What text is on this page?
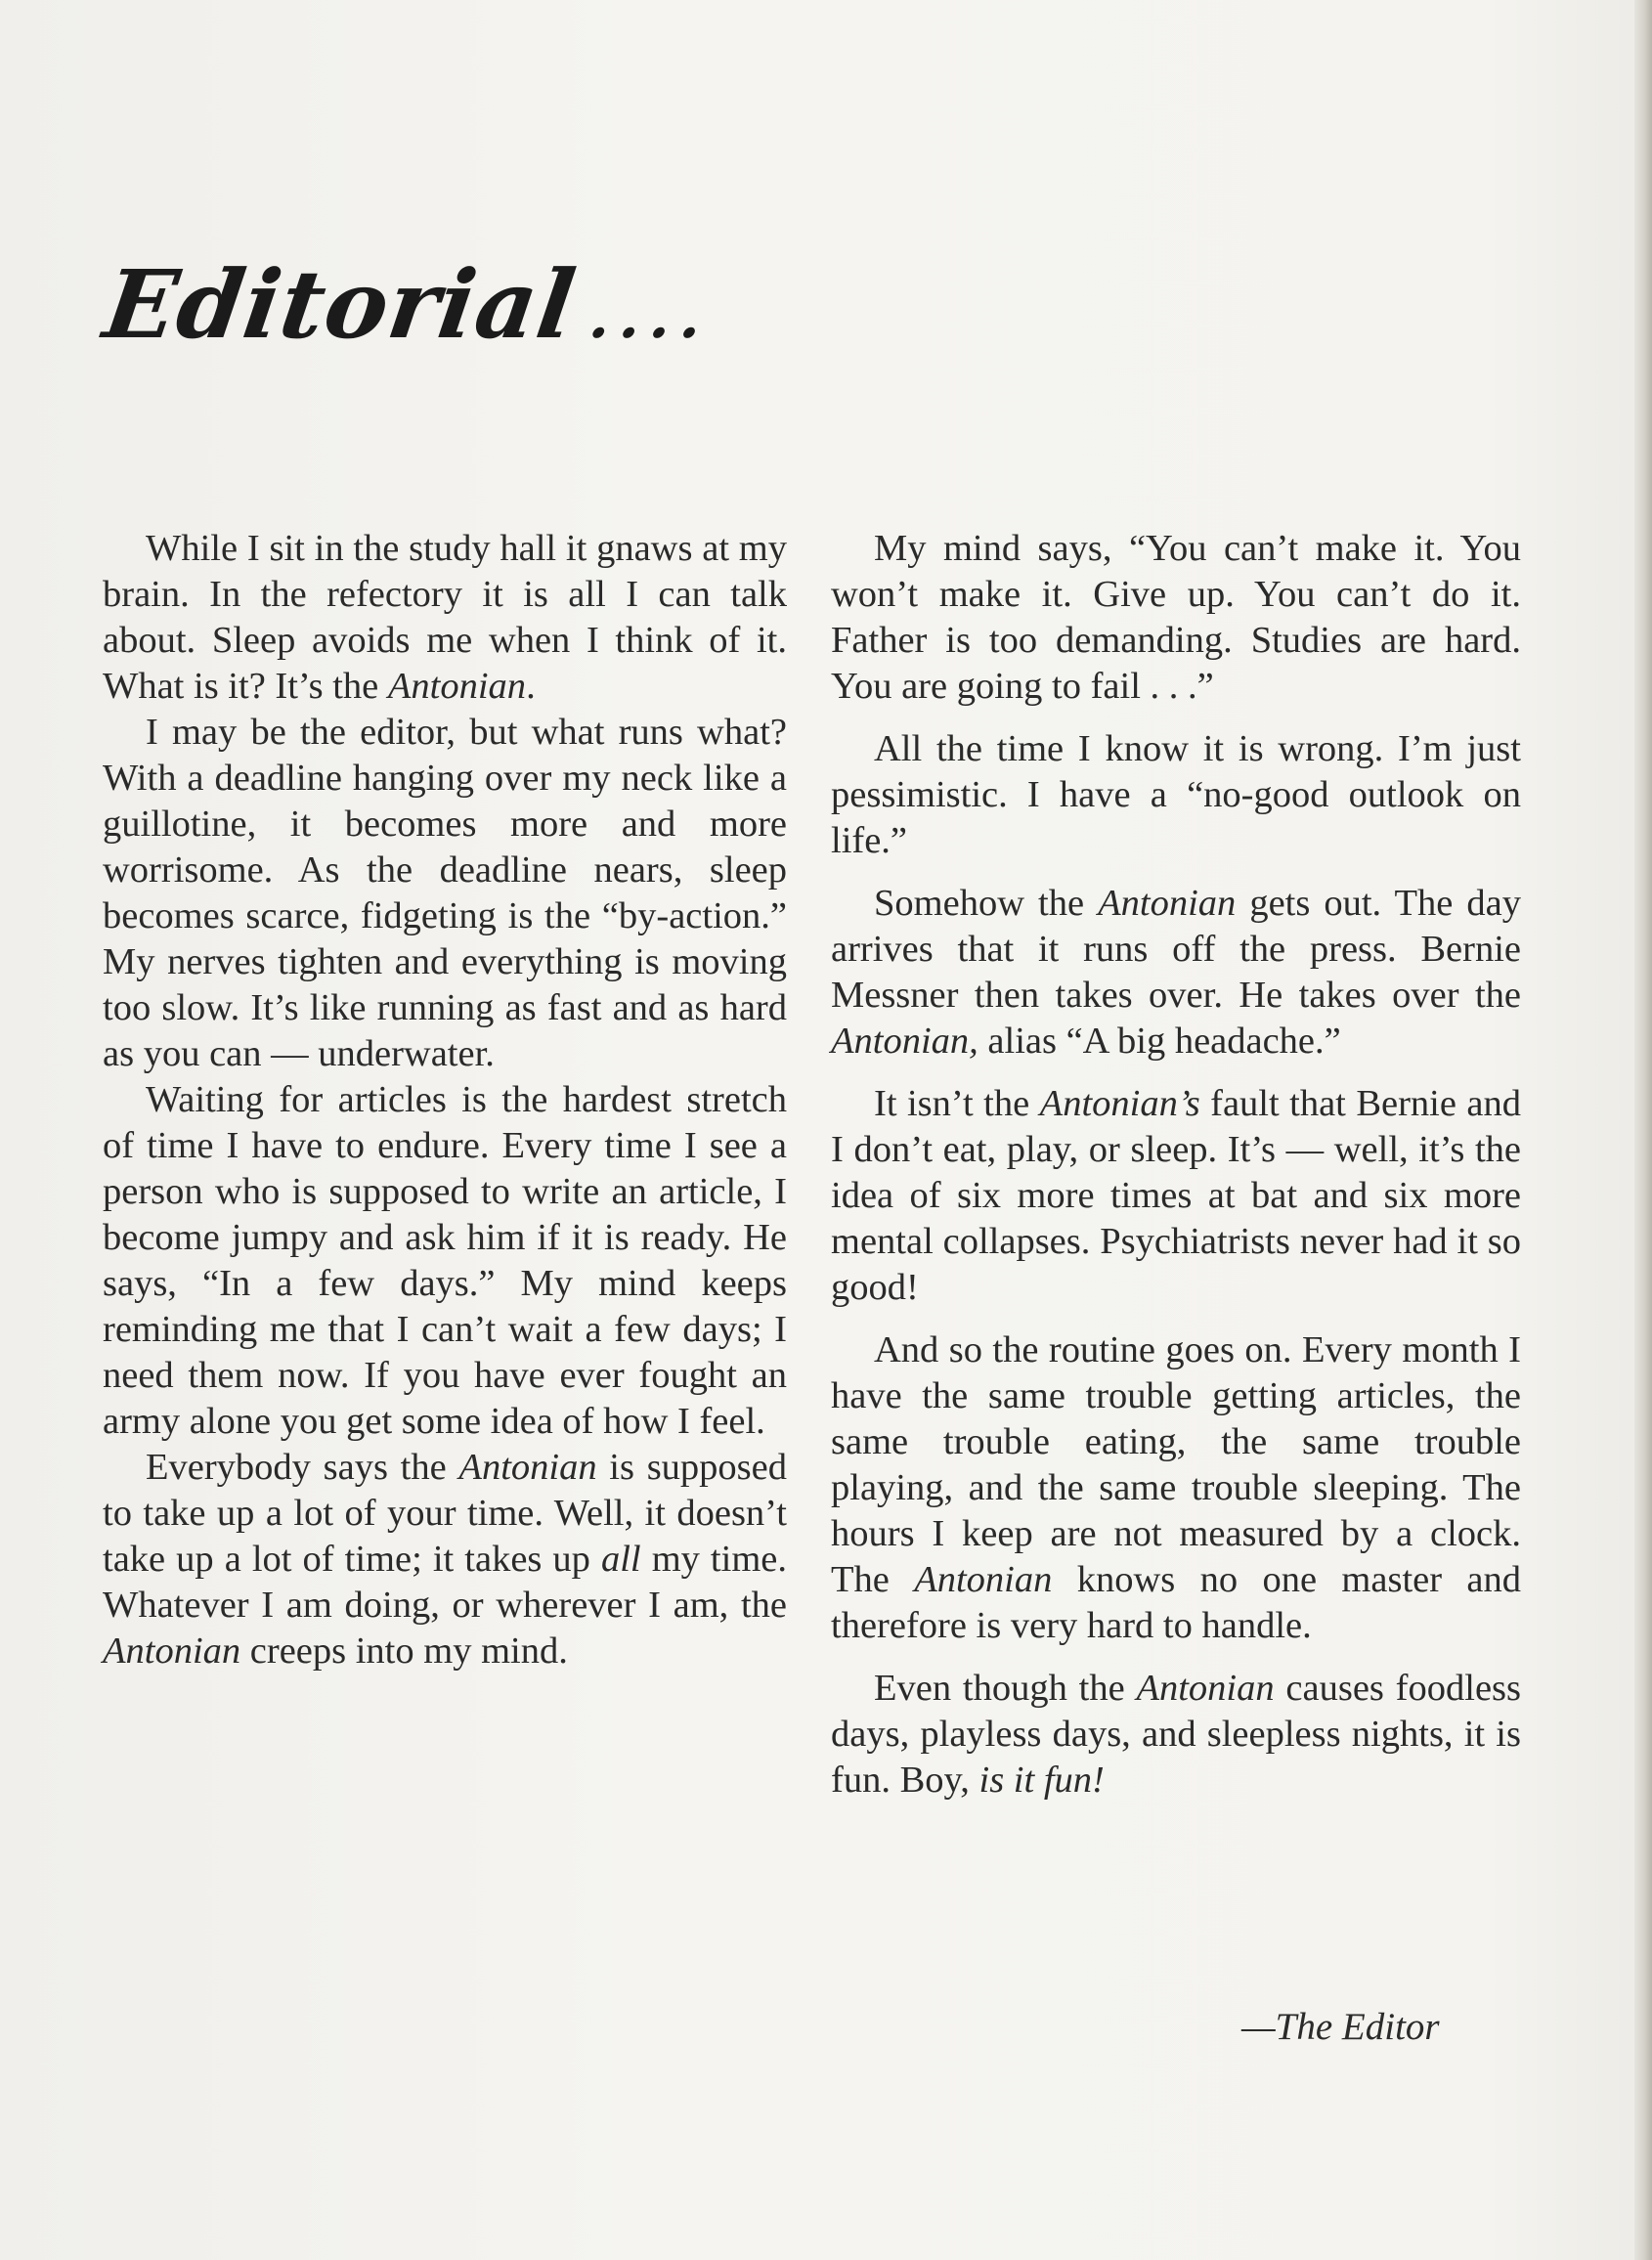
Editorial....

While I sit in the study hall it gnaws at my brain. In the refectory it is all I can talk about. Sleep avoids me when I think of it. What is it? It’s the Antonian.

I may be the editor, but what runs what? With a deadline hanging over my neck like a guillotine, it becomes more and more worrisome. As the deadline nears, sleep becomes scarce, fidgeting is the “by-action.” My nerves tighten and everything is moving too slow. It’s like running as fast and as hard as you can — underwater.

Waiting for articles is the hardest stretch of time I have to endure. Every time I see a person who is supposed to write an article, I become jumpy and ask him if it is ready. He says, “In a few days.” My mind keeps reminding me that I can’t wait a few days; I need them now. If you have ever fought an army alone you get some idea of how I feel.

Everybody says the Antonian is supposed to take up a lot of your time. Well, it doesn’t take up a lot of time; it takes up all my time. Whatever I am doing, or wherever I am, the Antonian creeps into my mind.

My mind says, “You can’t make it. You won’t make it. Give up. You can’t do it. Father is too demanding. Studies are hard. You are going to fail . . .”

All the time I know it is wrong. I’m just pessimistic. I have a “no-good outlook on life.”

Somehow the Antonian gets out. The day arrives that it runs off the press. Bernie Messner then takes over. He takes over the Antonian, alias “A big headache.”

It isn’t the Antonian’s fault that Bernie and I don’t eat, play, or sleep. It’s — well, it’s the idea of six more times at bat and six more mental collapses. Psychiatrists never had it so good!

And so the routine goes on. Every month I have the same trouble getting articles, the same trouble eating, the same trouble playing, and the same trouble sleeping. The hours I keep are not measured by a clock. The Antonian knows no one master and therefore is very hard to handle.

Even though the Antonian causes foodless days, playless days, and sleepless nights, it is fun. Boy, is it fun!

—The Editor
